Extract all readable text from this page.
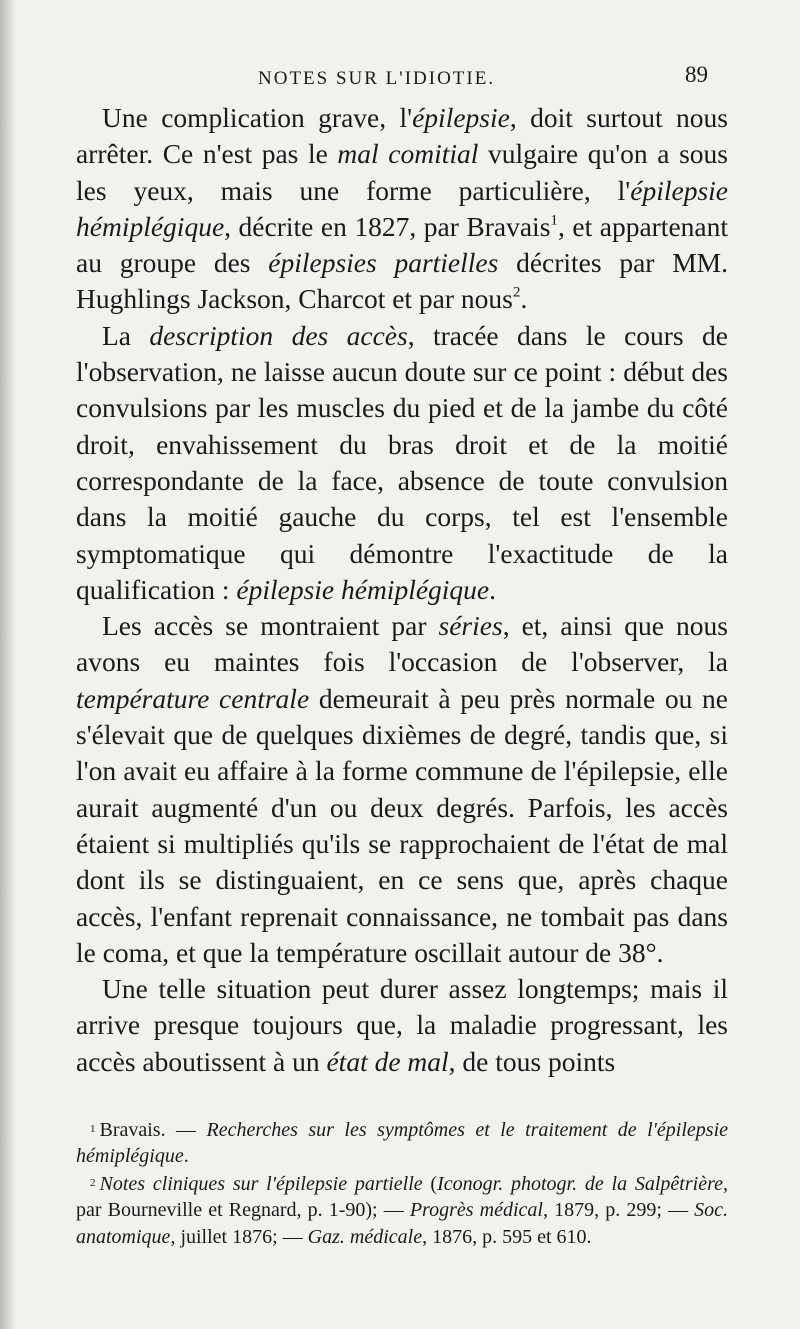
NOTES SUR L'IDIOTIE.	89

Une complication grave, l'épilepsie, doit surtout nous arrêter. Ce n'est pas le mal comitial vulgaire qu'on a sous les yeux, mais une forme particulière, l'épilepsie hémiplégique, décrite en 1827, par Bravais$^1$, et appartenant au groupe des épilepsies partielles décrites par MM. Hughlings Jackson, Charcot et par nous$^2$.

La description des accès, tracée dans le cours de l'observation, ne laisse aucun doute sur ce point : début des convulsions par les muscles du pied et de la jambe du côté droit, envahissement du bras droit et de la moitié correspondante de la face, absence de toute convulsion dans la moitié gauche du corps, tel est l'ensemble symptomatique qui démontre l'exactitude de la qualification : épilepsie hémiplégique.

Les accès se montraient par séries, et, ainsi que nous avons eu maintes fois l'occasion de l'observer, la température centrale demeurait à peu près normale ou ne s'élevait que de quelques dixièmes de degré, tandis que, si l'on avait eu affaire à la forme commune de l'épilepsie, elle aurait augmenté d'un ou deux degrés. Parfois, les accès étaient si multipliés qu'ils se rapprochaient de l'état de mal dont ils se distinguaient, en ce sens que, après chaque accès, l'enfant reprenait connaissance, ne tombait pas dans le coma, et que la température oscillait autour de 38°.

Une telle situation peut durer assez longtemps; mais il arrive presque toujours que, la maladie progressant, les accès aboutissent à un état de mal, de tous points

1 Bravais. — Recherches sur les symptômes et le traitement de l'épilepsie hémiplégique.

2 Notes cliniques sur l'épilepsie partielle (Iconogr. photogr. de la Salpêtrière, par Bourneville et Regnard, p. 1-90); — Progrès médical, 1879, p. 299; — Soc. anatomique, juillet 1876; — Gaz. médicale, 1876, p. 595 et 610.
